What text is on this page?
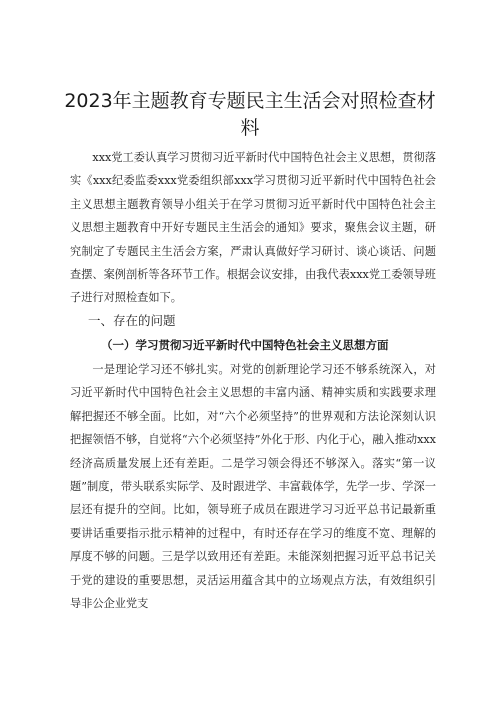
2023年主题教育专题民主生活会对照检查材料
xxx党工委认真学习贯彻习近平新时代中国特色社会主义思想，贯彻落实《xxx纪委监委xxx党委组织部xxx学习贯彻习近平新时代中国特色社会主义思想主题教育领导小组关于在学习贯彻习近平新时代中国特色社会主义思想主题教育中开好专题民主生活会的通知》要求，聚焦会议主题，研究制定了专题民主生活会方案，严肃认真做好学习研讨、谈心谈话、问题查摆、案例剖析等各环节工作。根据会议安排，由我代表xxx党工委领导班子进行对照检查如下。
一、存在的问题
（一）学习贯彻习近平新时代中国特色社会主义思想方面
一是理论学习还不够扎实。对党的创新理论学习还不够系统深入，对习近平新时代中国特色社会主义思想的丰富内涵、精神实质和实践要求理解把握还不够全面。比如，对“六个必须坚持”的世界观和方法论深刻认识把握领悟不够，自觉将“六个必须坚持”外化于形、内化于心，融入推动xxx经济高质量发展上还有差距。二是学习领会得还不够深入。落实“第一议题”制度，带头联系实际学、及时跟进学、丰富载体学，先学一步、学深一层还有提升的空间。比如，领导班子成员在跟进学习习近平总书记最新重要讲话重要指示批示精神的过程中，有时还存在学习的维度不宽、理解的厚度不够的问题。三是学以致用还有差距。未能深刻把握习近平总书记关于党的建设的重要思想，灵活运用蕴含其中的立场观点方法，有效组织引导非公企业党支
